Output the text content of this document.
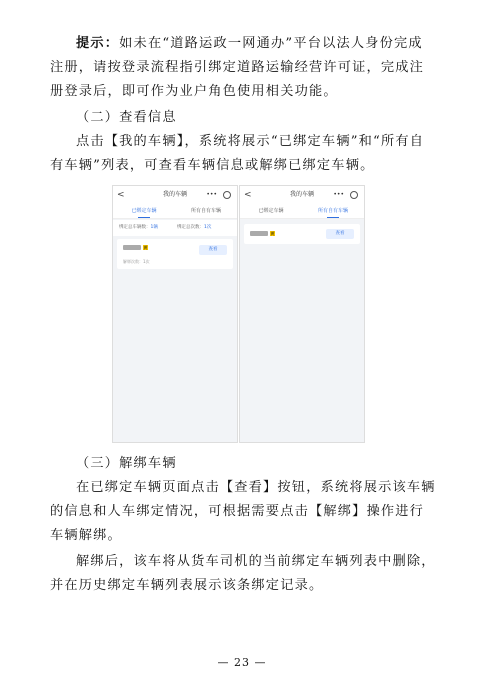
提示：如未在“道路运政一网通办”平台以法人身份完成注册，请按登录流程指引绑定道路运输经营许可证，完成注册登录后，即可作为业户角色使用相关功能。
（二）查看信息
点击【我的车辆】，系统将展示“已绑定车辆”和“所有自有车辆”列表，可查看车辆信息或解绑已绑定车辆。
<	我的车辆	•••
已绑定车辆	所有自有车辆
绑定总车辆数：1辆	绑定总次数：1次
黄	查看
解绑次数：1次
<	我的车辆	•••
已绑定车辆	所有自有车辆
黄	查看
（三）解绑车辆
在已绑定车辆页面点击【查看】按钮，系统将展示该车辆的信息和人车绑定情况，可根据需要点击【解绑】操作进行车辆解绑。
解绑后，该车将从货车司机的当前绑定车辆列表中删除，并在历史绑定车辆列表展示该条绑定记录。
— 23 —
